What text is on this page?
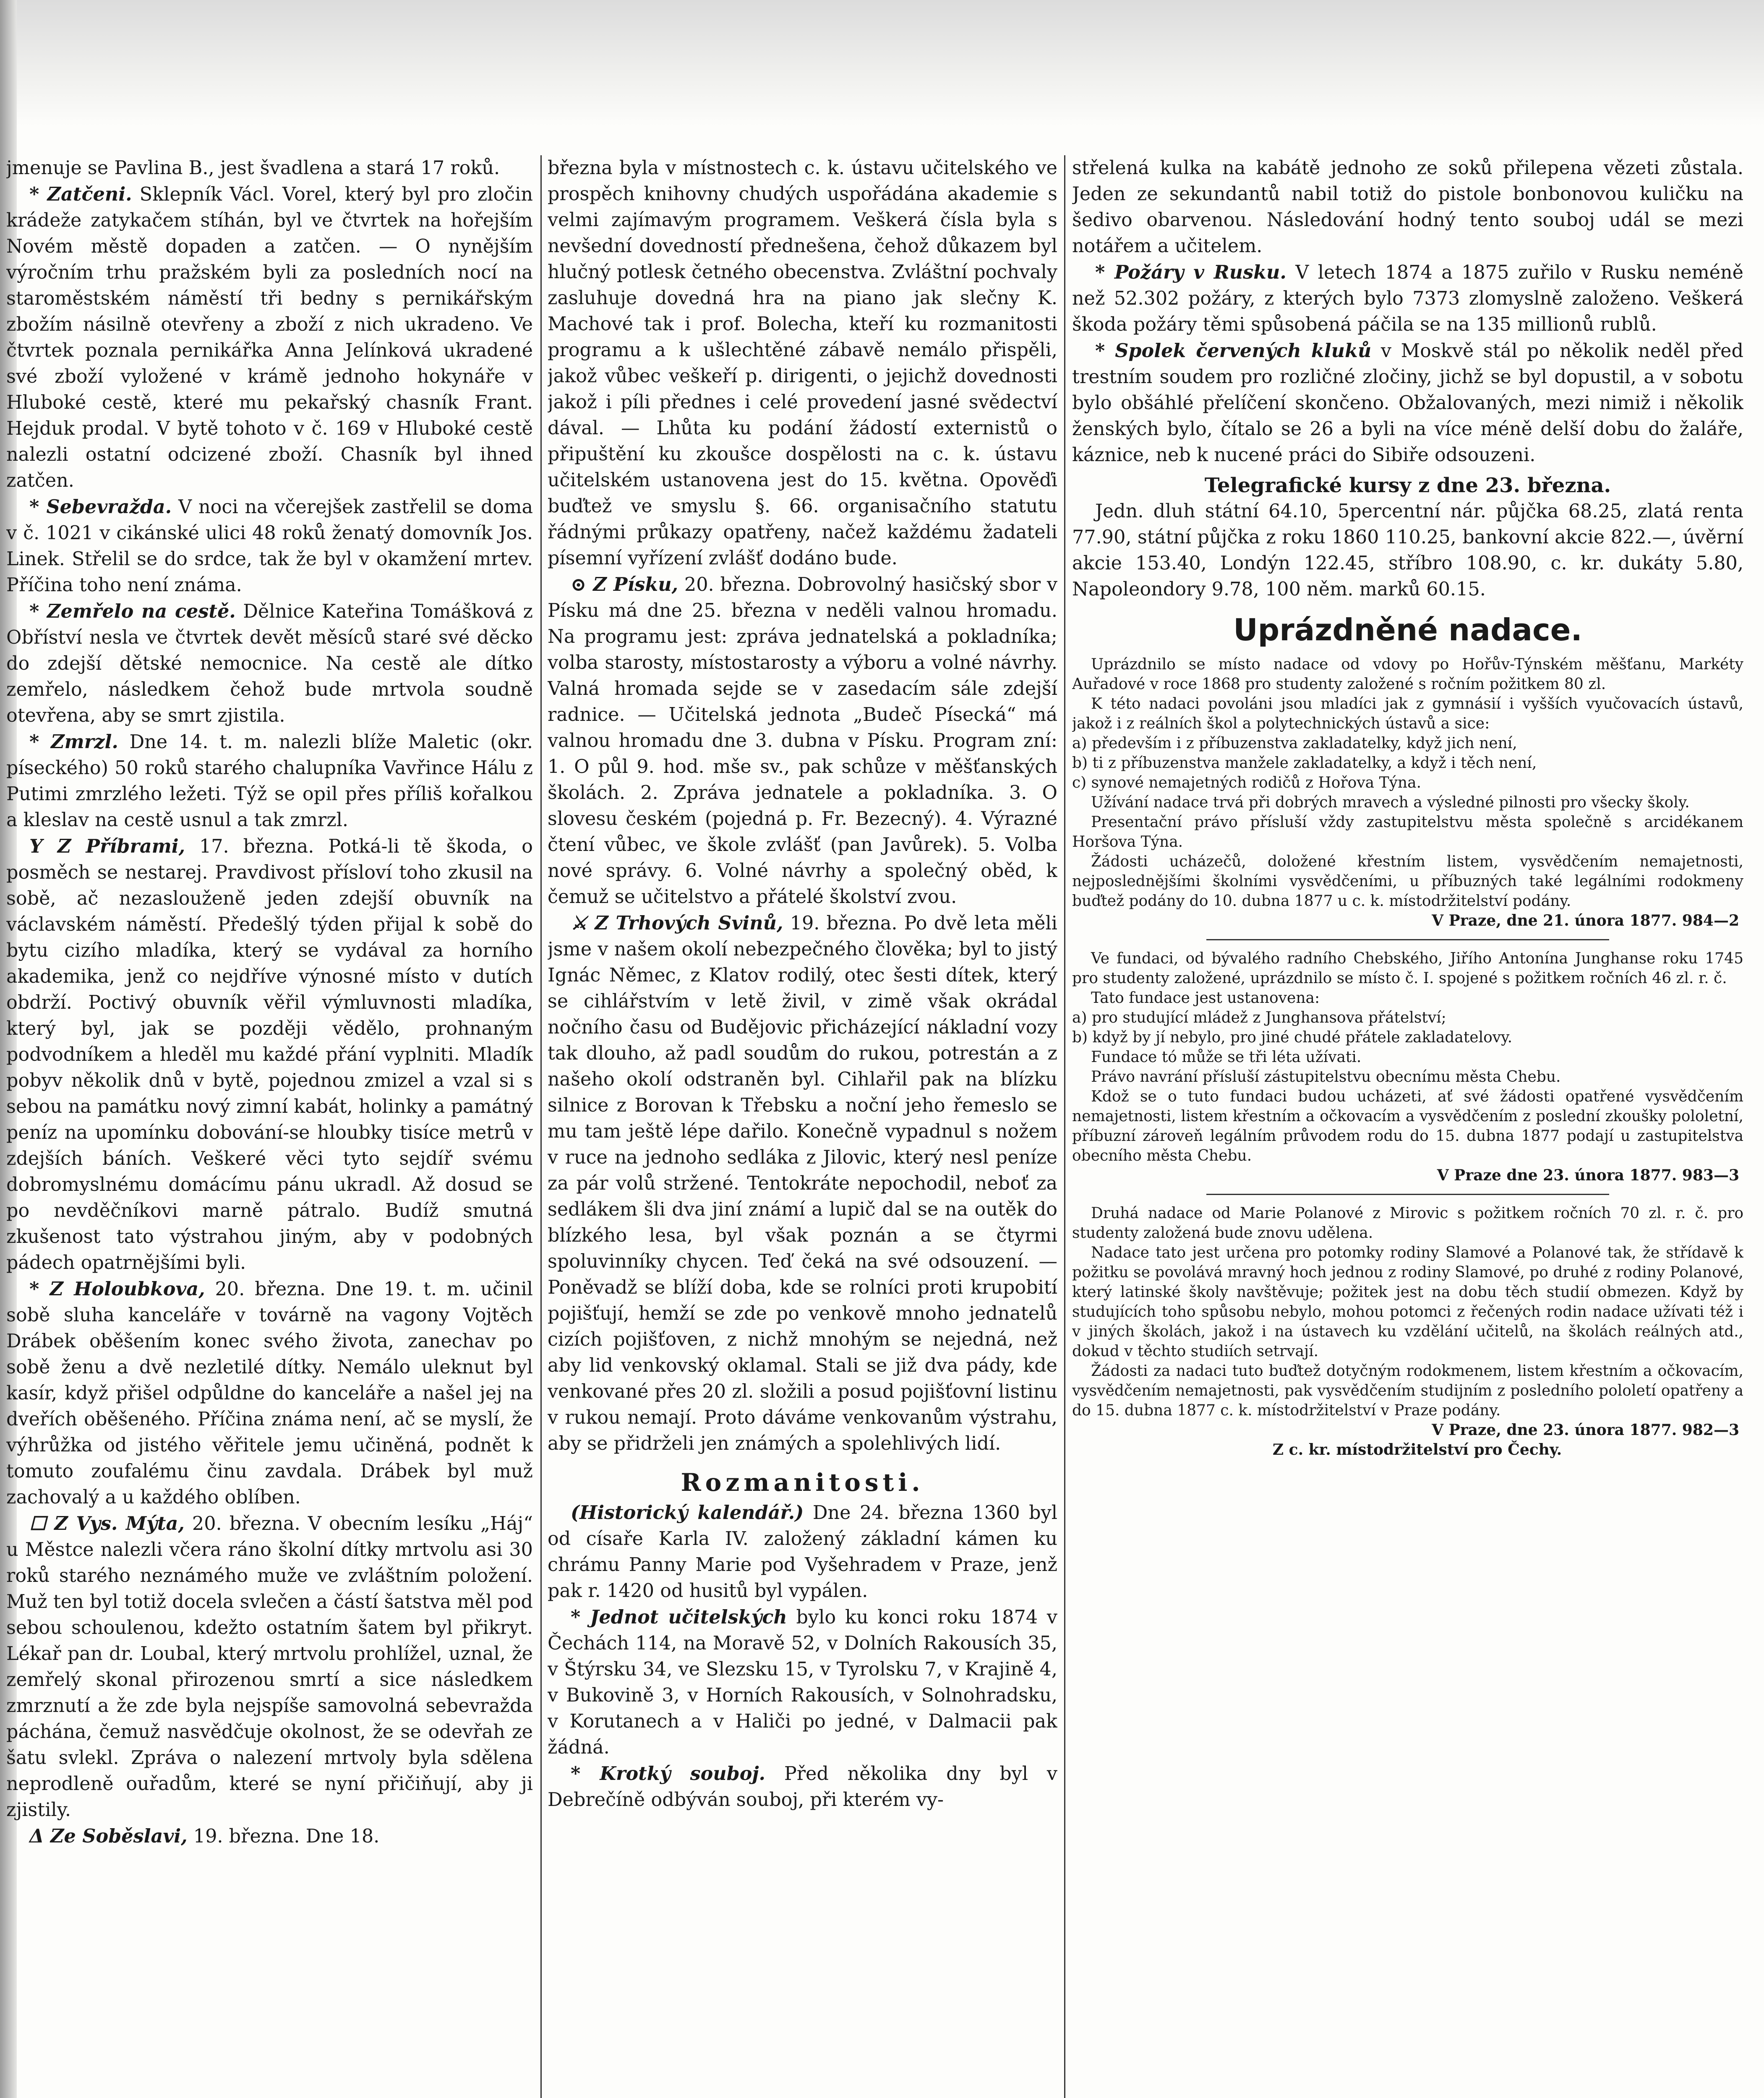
jmenuje se Pavlina B., jest švadlena a stará 17 roků.

* Zatčeni. Sklepník Václ. Vorel, který byl pro zločin krádeže zatykačem stíhán, byl ve čtvrtek na hořejším Novém městě dopaden a zatčen. — O nynějším výročním trhu pražském byli za posledních nocí na staroměstském náměstí tři bedny s pernikářským zbožím násilně otevřeny a zboží z nich ukradeno. Ve čtvrtek poznala pernikářka Anna Jelínková ukradené své zboží vyložené v krámě jednoho hokynáře v Hluboké cestě, které mu pekařský chasník Frant. Hejduk prodal. V bytě tohoto v č. 169 v Hluboké cestě nalezli ostatní odcizené zboží. Chasník byl ihned zatčen.

* Sebevražda. V noci na včerejšek zastřelil se doma v č. 1021 v cikánské ulici 48 roků ženatý domovník Jos. Linek. Střelil se do srdce, tak že byl v okamžení mrtev. Příčina toho není známa.

* Zemřelo na cestě. Dělnice Kateřina Tomášková z Obříství nesla ve čtvrtek devět měsíců staré své děcko do zdejší dětské nemocnice. Na cestě ale dítko zemřelo, následkem čehož bude mrtvola soudně otevřena, aby se smrt zjistila.

* Zmrzl. Dne 14. t. m. nalezli blíže Maletic (okr. píseckého) 50 roků starého chalupníka Vavřince Hálu z Putimi zmrzlého ležeti. Týž se opil přes příliš kořalkou a kleslav na cestě usnul a tak zmrzl.

Y Z Příbrami, 17. března. Potká-li tě škoda, o posměch se nestarej. Pravdivost přísloví toho zkusil na sobě, ač nezaslouženě jeden zdejší obuvník na václavském náměstí. Předešlý týden přijal k sobě do bytu cizího mladíka, který se vydával za horního akademika, jenž co nejdříve výnosné místo v dutích obdrží. Poctivý obuvník věřil výmluvnosti mladíka, který byl, jak se později vědělo, prohnaným podvodníkem a hleděl mu každé přání vyplniti. Mladík pobyv několik dnů v bytě, pojednou zmizel a vzal si s sebou na památku nový zimní kabát, holinky a památný peníz na upomínku dobování-se hloubky tisíce metrů v zdejších báních. Veškeré věci tyto sejdíř svému dobromyslnému domácímu pánu ukradl. Až dosud se po nevděčníkovi marně pátralo. Budíž smutná zkušenost tato výstrahou jiným, aby v podobných pádech opatrnějšími byli.

* Z Holoubkova, 20. března. Dne 19. t. m. učinil sobě sluha kanceláře v továrně na vagony Vojtěch Drábek oběšením konec svého života, zanechav po sobě ženu a dvě nezletilé dítky. Nemálo uleknut byl kasír, když přišel odpůldne do kanceláře a našel jej na dveřích oběšeného. Příčina známa není, ač se myslí, že výhrůžka od jistého věřitele jemu učiněná, podnět k tomuto zoufalému činu zavdala. Drábek byl muž zachovalý a u každého oblíben.

☐ Z Vys. Mýta, 20. března. V obecním lesíku „Háj“ u Městce nalezli včera ráno školní dítky mrtvolu asi 30 roků starého neznámého muže ve zvláštním položení. Muž ten byl totiž docela svlečen a částí šatstva měl pod sebou schoulenou, kdežto ostatním šatem byl přikryt. Lékař pan dr. Loubal, který mrtvolu prohlížel, uznal, že zemřelý skonal přirozenou smrtí a sice následkem zmrznutí a že zde byla nejspíše samovolná sebevražda páchána, čemuž nasvědčuje okolnost, že se odevřah ze šatu svlekl. Zpráva o nalezení mrtvoly byla sdělena neprodleně ouřadům, které se nyní přičiňují, aby ji zjistily.

Δ Ze Soběslavi, 19. března. Dne 18.

března byla v místnostech c. k. ústavu učitelského ve prospěch knihovny chudých uspořádána akademie s velmi zajímavým programem. Veškerá čísla byla s nevšední dovedností přednešena, čehož důkazem byl hlučný potlesk četného obecenstva. Zvláštní pochvaly zasluhuje dovedná hra na piano jak slečny K. Machové tak i prof. Bolecha, kteří ku rozmanitosti programu a k ušlechtěné zábavě nemálo přispěli, jakož vůbec veškeří p. dirigenti, o jejichž dovednosti jakož i píli přednes i celé provedení jasné svědectví dával. — Lhůta ku podání žádostí externistů o připuštění ku zkoušce dospělosti na c. k. ústavu učitelském ustanovena jest do 15. května. Opověďi buďtež ve smyslu §. 66. organisačního statutu řádnými průkazy opatřeny, načež každému žadateli písemní vyřízení zvlášť dodáno bude.

⊙ Z Písku, 20. března. Dobrovolný hasičský sbor v Písku má dne 25. března v neděli valnou hromadu. Na programu jest: zpráva jednatelská a pokladníka; volba starosty, místostarosty a výboru a volné návrhy. Valná hromada sejde se v zasedacím sále zdejší radnice. — Učitelská jednota „Budeč Písecká“ má valnou hromadu dne 3. dubna v Písku. Program zní: 1. O půl 9. hod. mše sv., pak schůze v měšťanských školách. 2. Zpráva jednatele a pokladníka. 3. O slovesu českém (pojedná p. Fr. Bezecný). 4. Výrazné čtení vůbec, ve škole zvlášť (pan Javůrek). 5. Volba nové správy. 6. Volné návrhy a společný oběd, k čemuž se učitelstvo a přátelé školství zvou.

⚔ Z Trhových Svinů, 19. března. Po dvě leta měli jsme v našem okolí nebezpečného člověka; byl to jistý Ignác Němec, z Klatov rodilý, otec šesti dítek, který se cihlářstvím v letě živil, v zimě však okrádal nočního času od Budějovic přicházející nákladní vozy tak dlouho, až padl soudům do rukou, potrestán a z našeho okolí odstraněn byl. Cihlařil pak na blízku silnice z Borovan k Třebsku a noční jeho řemeslo se mu tam ještě lépe dařilo. Konečně vypadnul s nožem v ruce na jednoho sedláka z Jilovic, který nesl peníze za pár volů stržené. Tentokráte nepochodil, neboť za sedlákem šli dva jiní známí a lupič dal se na outěk do blízkého lesa, byl však poznán a se čtyrmi spoluvinníky chycen. Teď čeká na své odsouzení. — Poněvadž se blíží doba, kde se rolníci proti krupobití pojišťují, hemží se zde po venkově mnoho jednatelů cizích pojišťoven, z nichž mnohým se nejedná, než aby lid venkovský oklamal. Stali se již dva pády, kde venkované přes 20 zl. složili a posud pojišťovní listinu v rukou nemají. Proto dáváme venkovanům výstrahu, aby se přidrželi jen známých a spolehlivých lidí.

Rozmanitosti.

(Historický kalendář.) Dne 24. března 1360 byl od císaře Karla IV. založený základní kámen ku chrámu Panny Marie pod Vyšehradem v Praze, jenž pak r. 1420 od husitů byl vypálen.

* Jednot učitelských bylo ku konci roku 1874 v Čechách 114, na Moravě 52, v Dolních Rakousích 35, v Štýrsku 34, ve Slezsku 15, v Tyrolsku 7, v Krajině 4, v Bukovině 3, v Horních Rakousích, v Solnohradsku, v Korutanech a v Haliči po jedné, v Dalmacii pak žádná.

* Krotký souboj. Před několika dny byl v Debrečíně odbýván souboj, při kterém vy-

střelená kulka na kabátě jednoho ze soků přilepena vězeti zůstala. Jeden ze sekundantů nabil totiž do pistole bonbonovou kuličku na šedivo obarvenou. Následování hodný tento souboj udál se mezi notářem a učitelem.

* Požáry v Rusku. V letech 1874 a 1875 zuřilo v Rusku neméně než 52.302 požáry, z kterých bylo 7373 zlomyslně založeno. Veškerá škoda požáry těmi spůsobená páčila se na 135 millionů rublů.

* Spolek červených kluků v Moskvě stál po několik neděl před trestním soudem pro rozličné zločiny, jichž se byl dopustil, a v sobotu bylo obšáhlé přelíčení skončeno. Obžalovaných, mezi nimiž i několik ženských bylo, čítalo se 26 a byli na více méně delší dobu do žaláře, káznice, neb k nucené práci do Sibiře odsouzeni.

Telegrafické kursy z dne 23. března.

Jedn. dluh státní 64.10, 5percentní nár. půjčka 68.25, zlatá renta 77.90, státní půjčka z roku 1860 110.25, bankovní akcie 822.—, úvěrní akcie 153.40, Londýn 122.45, stříbro 108.90, c. kr. dukáty 5.80, Napoleondory 9.78, 100 něm. marků 60.15.

Uprázdněné nadace.

Uprázdnilo se místo nadace od vdovy po Hořův-Týnském měšťanu, Markéty Auřadové v roce 1868 pro studenty založené s ročním požitkem 80 zl.

K této nadaci povoláni jsou mladíci jak z gymnásií i vyšších vyučovacích ústavů, jakož i z reálních škol a polytechnických ústavů a sice:

a) především i z příbuzenstva zakladatelky, když jich není,

b) ti z příbuzenstva manžele zakladatelky, a když i těch není,

c) synové nemajetných rodičů z Hořova Týna.

Užívání nadace trvá při dobrých mravech a výsledné pilnosti pro všecky školy.

Presentační právo přísluší vždy zastupitelstvu města společně s arcidékanem Horšova Týna.

Žádosti ucházečů, doložené křestním listem, vysvědčením nemajetnosti, nejposlednějšími školními vysvědčeními, u příbuzných také legálními rodokmeny buďtež podány do 10. dubna 1877 u c. k. místodržitelství podány.

V Praze, dne 21. února 1877. 984—2

Ve fundaci, od bývalého radního Chebského, Jiřího Antonína Junghanse roku 1745 pro studenty založené, uprázdnilo se místo č. I. spojené s požitkem ročních 46 zl. r. č.

Tato fundace jest ustanovena:

a) pro studující mládež z Junghansova přátelství;

b) když by jí nebylo, pro jiné chudé přátele zakladatelovy.

Fundace tó může se tři léta užívati.

Právo navrání přísluší zástupitelstvu obecnímu města Chebu.

Kdož se o tuto fundaci budou ucházeti, ať své žádosti opatřené vysvědčením nemajetnosti, listem křestním a očkovacím a vysvědčením z poslední zkoušky pololetní, příbuzní zároveň legálním průvodem rodu do 15. dubna 1877 podají u zastupitelstva obecního města Chebu.

V Praze dne 23. února 1877. 983—3

Druhá nadace od Marie Polanové z Mirovic s požitkem ročních 70 zl. r. č. pro studenty založená bude znovu udělena.

Nadace tato jest určena pro potomky rodiny Slamové a Polanové tak, že střídavě k požitku se povolává mravný hoch jednou z rodiny Slamové, po druhé z rodiny Polanové, který latinské školy navštěvuje; požitek jest na dobu těch studií obmezen. Když by studujících toho spůsobu nebylo, mohou potomci z řečených rodin nadace užívati též i v jiných školách, jakož i na ústavech ku vzdělání učitelů, na školách reálných atd., dokud v těchto studiích setrvají.

Žádosti za nadaci tuto buďtež dotyčným rodokmenem, listem křestním a očkovacím, vysvědčením nemajetnosti, pak vysvědčením studijním z posledního pololetí opatřeny a do 15. dubna 1877 c. k. místodržitelství v Praze podány.

V Praze, dne 23. února 1877. 982—3

Z c. kr. místodržitelství pro Čechy.
